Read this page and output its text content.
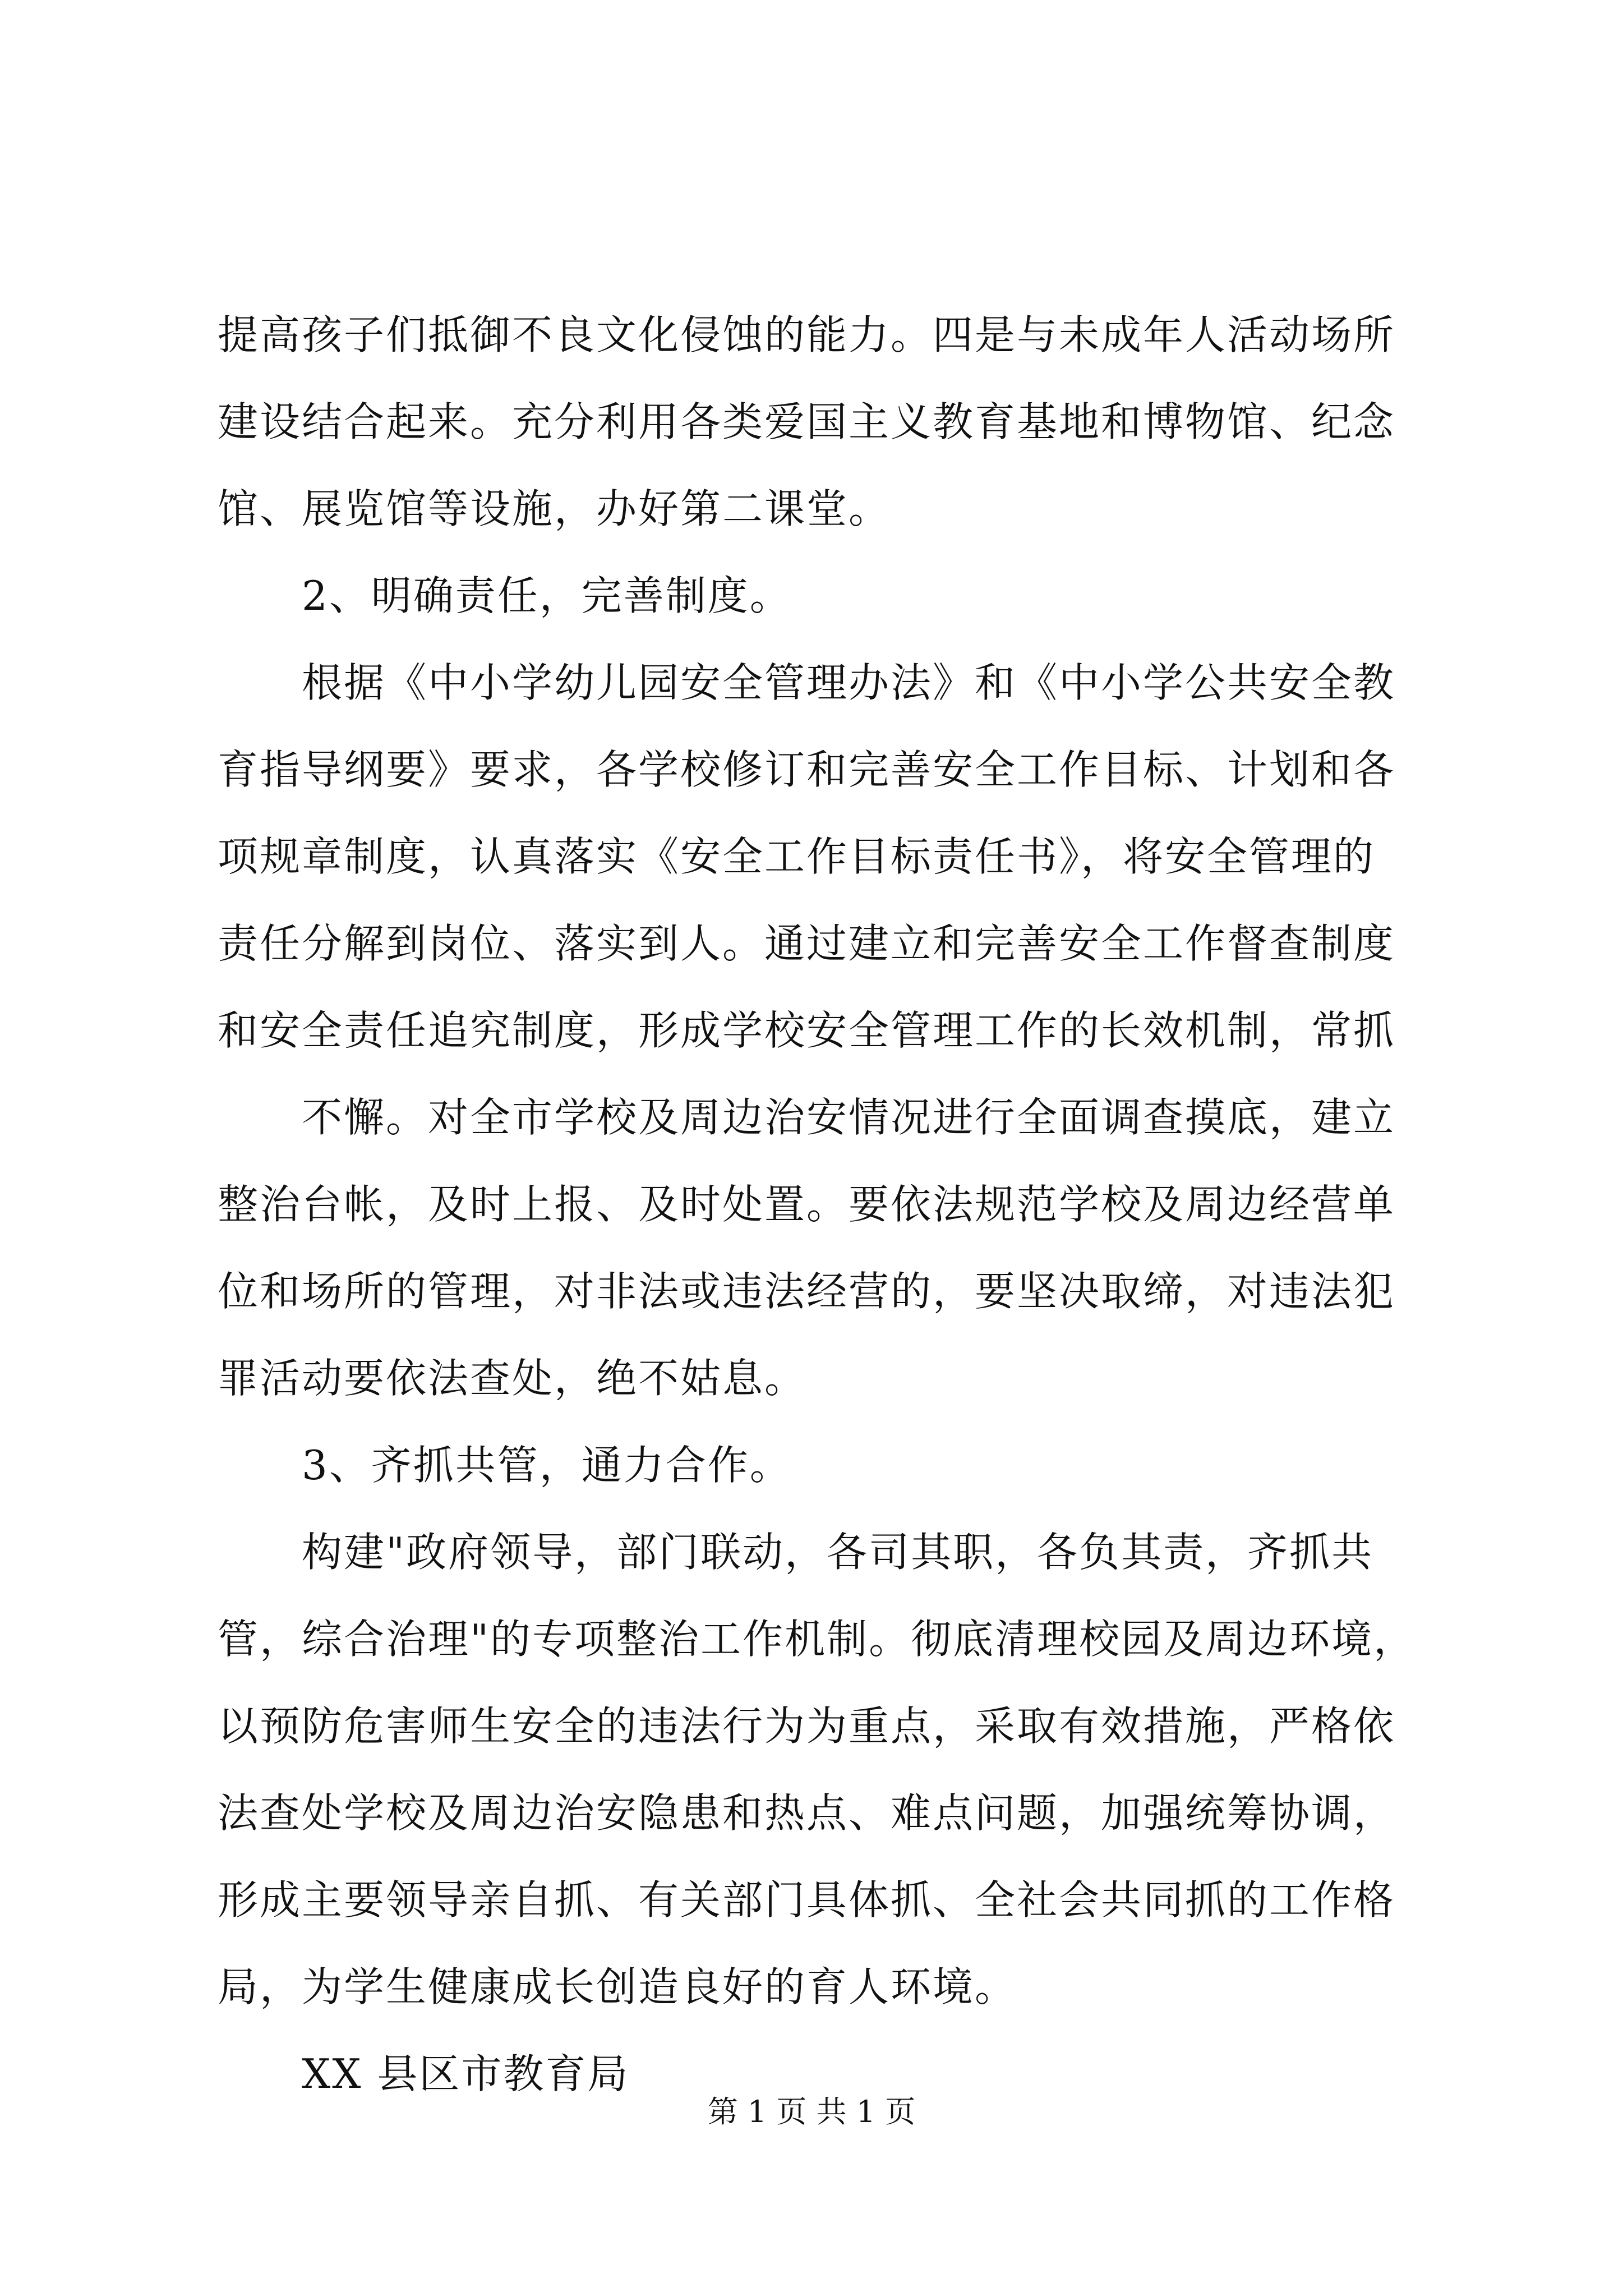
提高孩子们抵御不良文化侵蚀的能力。四是与未成年人活动场所
建设结合起来。充分利用各类爱国主义教育基地和博物馆、纪念
馆、展览馆等设施，办好第二课堂。
2、明确责任，完善制度。
根据《中小学幼儿园安全管理办法》和《中小学公共安全教
育指导纲要》要求，各学校修订和完善安全工作目标、计划和各
项规章制度，认真落实《安全工作目标责任书》，将安全管理的
责任分解到岗位、落实到人。通过建立和完善安全工作督查制度
和安全责任追究制度，形成学校安全管理工作的长效机制，常抓
不懈。对全市学校及周边治安情况进行全面调查摸底，建立
整治台帐，及时上报、及时处置。要依法规范学校及周边经营单
位和场所的管理，对非法或违法经营的，要坚决取缔，对违法犯
罪活动要依法查处，绝不姑息。
3、齐抓共管，通力合作。
构建"政府领导，部门联动，各司其职，各负其责，齐抓共
管，综合治理"的专项整治工作机制。彻底清理校园及周边环境，
以预防危害师生安全的违法行为为重点，采取有效措施，严格依
法查处学校及周边治安隐患和热点、难点问题，加强统筹协调，
形成主要领导亲自抓、有关部门具体抓、全社会共同抓的工作格
局，为学生健康成长创造良好的育人环境。
XX 县区市教育局
第 1 页 共 1 页
